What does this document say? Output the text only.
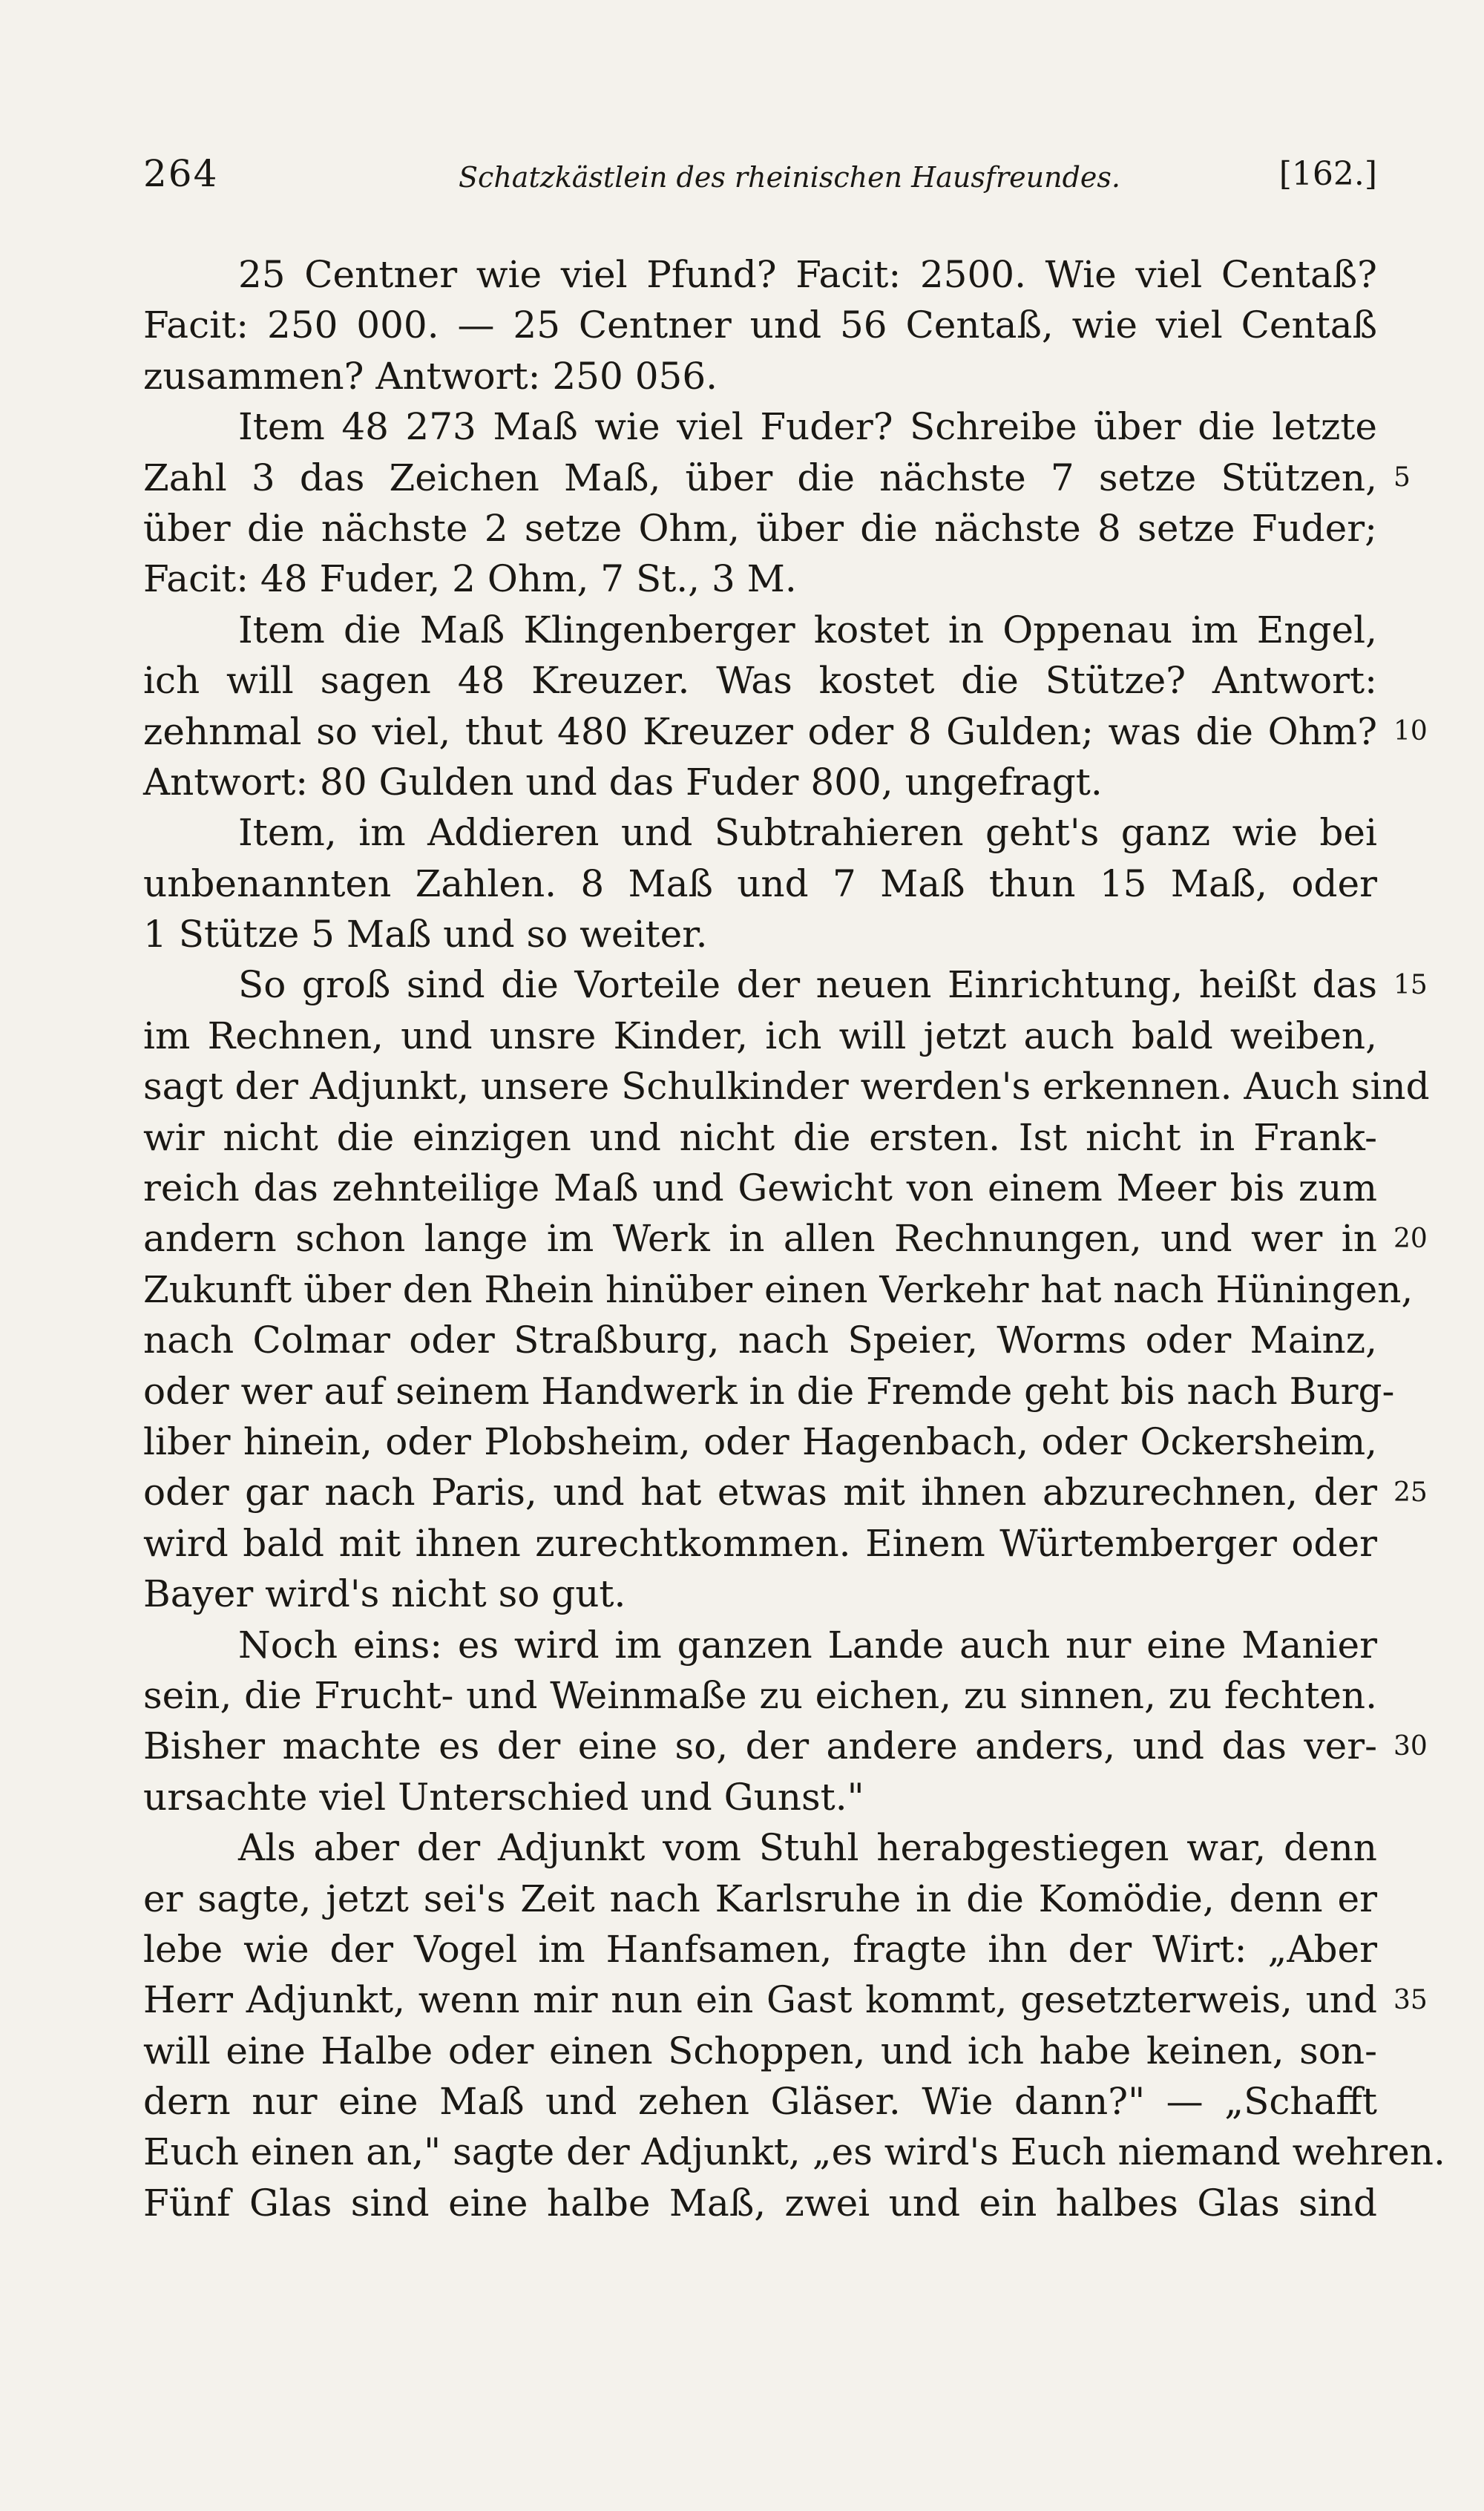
264	Schatzkästlein des rheinischen Hausfreundes.	[162.]
25 Centner wie viel Pfund? Facit: 2500. Wie viel Centaß?
Facit: 250 000. — 25 Centner und 56 Centaß, wie viel Centaß
zusammen? Antwort: 250 056.
Item 48 273 Maß wie viel Fuder? Schreibe über die letzte
Zahl 3 das Zeichen Maß, über die nächste 7 setze Stützen,
über die nächste 2 setze Ohm, über die nächste 8 setze Fuder;
Facit: 48 Fuder, 2 Ohm, 7 St., 3 M.
Item die Maß Klingenberger kostet in Oppenau im Engel,
ich will sagen 48 Kreuzer. Was kostet die Stütze? Antwort:
zehnmal so viel, thut 480 Kreuzer oder 8 Gulden; was die Ohm?
Antwort: 80 Gulden und das Fuder 800, ungefragt.
Item, im Addieren und Subtrahieren geht's ganz wie bei
unbenannten Zahlen. 8 Maß und 7 Maß thun 15 Maß, oder
1 Stütze 5 Maß und so weiter.
So groß sind die Vorteile der neuen Einrichtung, heißt das
im Rechnen, und unsre Kinder, ich will jetzt auch bald weiben,
sagt der Adjunkt, unsere Schulkinder werden's erkennen. Auch sind
wir nicht die einzigen und nicht die ersten. Ist nicht in Frank-
reich das zehnteilige Maß und Gewicht von einem Meer bis zum
andern schon lange im Werk in allen Rechnungen, und wer in
Zukunft über den Rhein hinüber einen Verkehr hat nach Hüningen,
nach Colmar oder Straßburg, nach Speier, Worms oder Mainz,
oder wer auf seinem Handwerk in die Fremde geht bis nach Burg-
liber hinein, oder Plobsheim, oder Hagenbach, oder Ockersheim,
oder gar nach Paris, und hat etwas mit ihnen abzurechnen, der
wird bald mit ihnen zurechtkommen. Einem Würtemberger oder
Bayer wird's nicht so gut.
Noch eins: es wird im ganzen Lande auch nur eine Manier
sein, die Frucht- und Weinmaße zu eichen, zu sinnen, zu fechten.
Bisher machte es der eine so, der andere anders, und das ver-
ursachte viel Unterschied und Gunst."
Als aber der Adjunkt vom Stuhl herabgestiegen war, denn
er sagte, jetzt sei's Zeit nach Karlsruhe in die Komödie, denn er
lebe wie der Vogel im Hanfsamen, fragte ihn der Wirt: „Aber
Herr Adjunkt, wenn mir nun ein Gast kommt, gesetzterweis, und
will eine Halbe oder einen Schoppen, und ich habe keinen, son-
dern nur eine Maß und zehen Gläser. Wie dann?" — „Schafft
Euch einen an," sagte der Adjunkt, „es wird's Euch niemand wehren.
Fünf Glas sind eine halbe Maß, zwei und ein halbes Glas sind
5
10
15
20
25
30
35
